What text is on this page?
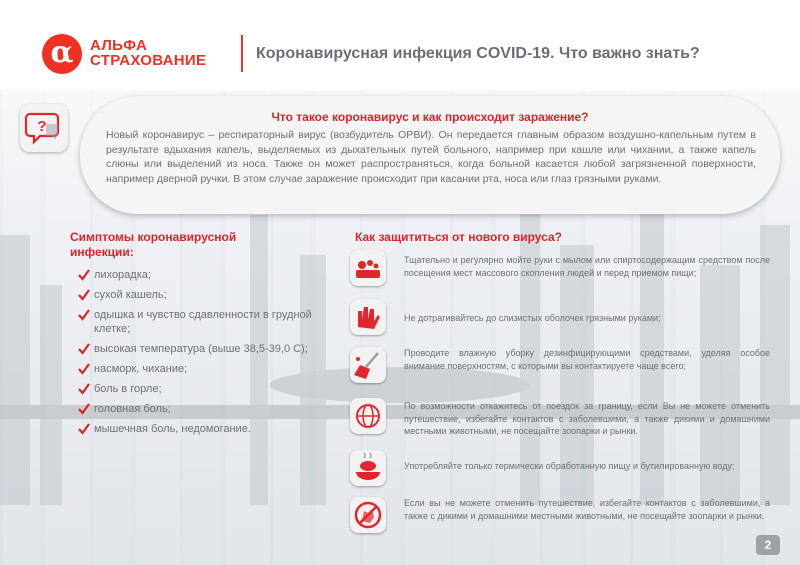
α	АЛЬФА
СТРАХОВАНИЕ	Коронавирусная инфекция COVID-19. Что важно знать?
?
Что такое коронавирус и как происходит заражение?
Новый коронавирус – респираторный вирус (возбудитель ОРВИ). Он передается главным образом воздушно-капельным путем в результате вдыхания капель, выделяемых из дыхательных путей больного, например при кашле или чихании, а также капель слюны или выделений из носа. Также он может распространяться, когда больной касается любой загрязненной поверхности, например дверной ручки. В этом случае заражение происходит при касании рта, носа или глаз грязными руками.
Симптомы коронавирусной инфекции:
лихорадка;
сухой кашель;
одышка и чувство сдавленности в грудной клетке;
высокая температура (выше 38,5-39,0 С);
насморк, чихание;
боль в горле;
головная боль;
мышечная боль, недомогание.
Как защититься от нового вируса?
Тщательно и регулярно мойте руки с мылом или спиртосодержащим средством после посещения мест массового скопления людей и перед приемом пищи;
Не дотрагивайтесь до слизистых оболочек грязными руками;
Проводите влажную уборку дезинфицирующими средствами, уделяя особое внимание поверхностям, с которыми вы контактируете чаще всего;
По возможности откажитесь от поездок за границу, если Вы не можете отменить путешествие, избегайте контактов с заболевшими, а также дикими и домашними местными животными, не посещайте зоопарки и рынки.
Употребляйте только термически обработанную пищу и бутилированную воду;
Если вы не можете отменить путешествие, избегайте контактов с заболевшими, а также с дикими и домашними местными животными, не посещайте зоопарки и рынки.
2
